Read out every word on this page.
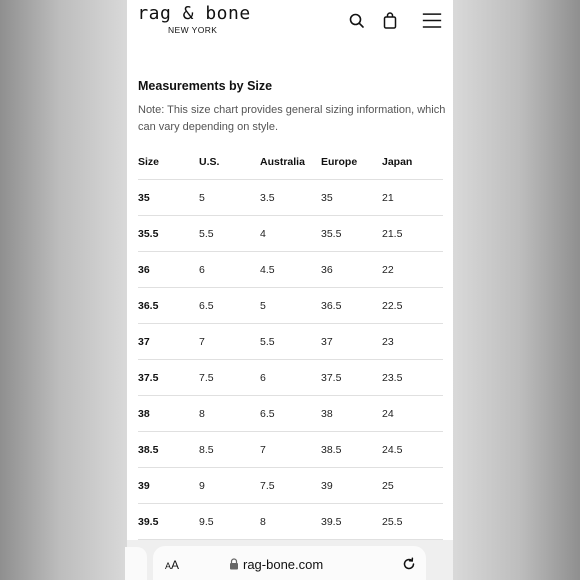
rag & bone
NEW YORK
Measurements by Size
Note: This size chart provides general sizing information, which can vary depending on style.
Size	U.S.	Australia	Europe	Japan
35	5	3.5	35	21
35.5	5.5	4	35.5	21.5
36	6	4.5	36	22
36.5	6.5	5	36.5	22.5
37	7	5.5	37	23
37.5	7.5	6	37.5	23.5
38	8	6.5	38	24
38.5	8.5	7	38.5	24.5
39	9	7.5	39	25
39.5	9.5	8	39.5	25.5
AA	rag-bone.com
